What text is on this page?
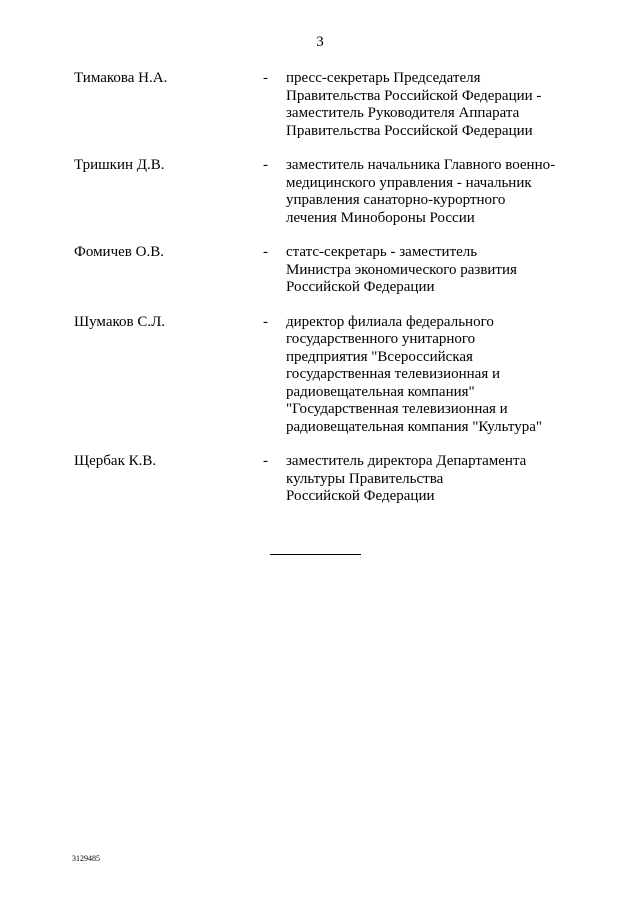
3
Тимакова Н.А.	- пресс-секретарь Председателя
Правительства Российской Федерации -
заместитель Руководителя Аппарата
Правительства Российской Федерации
Тришкин Д.В.	- заместитель начальника Главного военно-
медицинского управления - начальник
управления санаторно-курортного
лечения Минобороны России
Фомичев О.В.	- статс-секретарь - заместитель
Министра экономического развития
Российской Федерации
Шумаков С.Л.	- директор филиала федерального
государственного унитарного
предприятия "Всероссийская
государственная телевизионная и
радиовещательная компания"
"Государственная телевизионная и
радиовещательная компания "Культура"
Щербак К.В.	- заместитель директора Департамента
культуры Правительства
Российской Федерации
3129485
